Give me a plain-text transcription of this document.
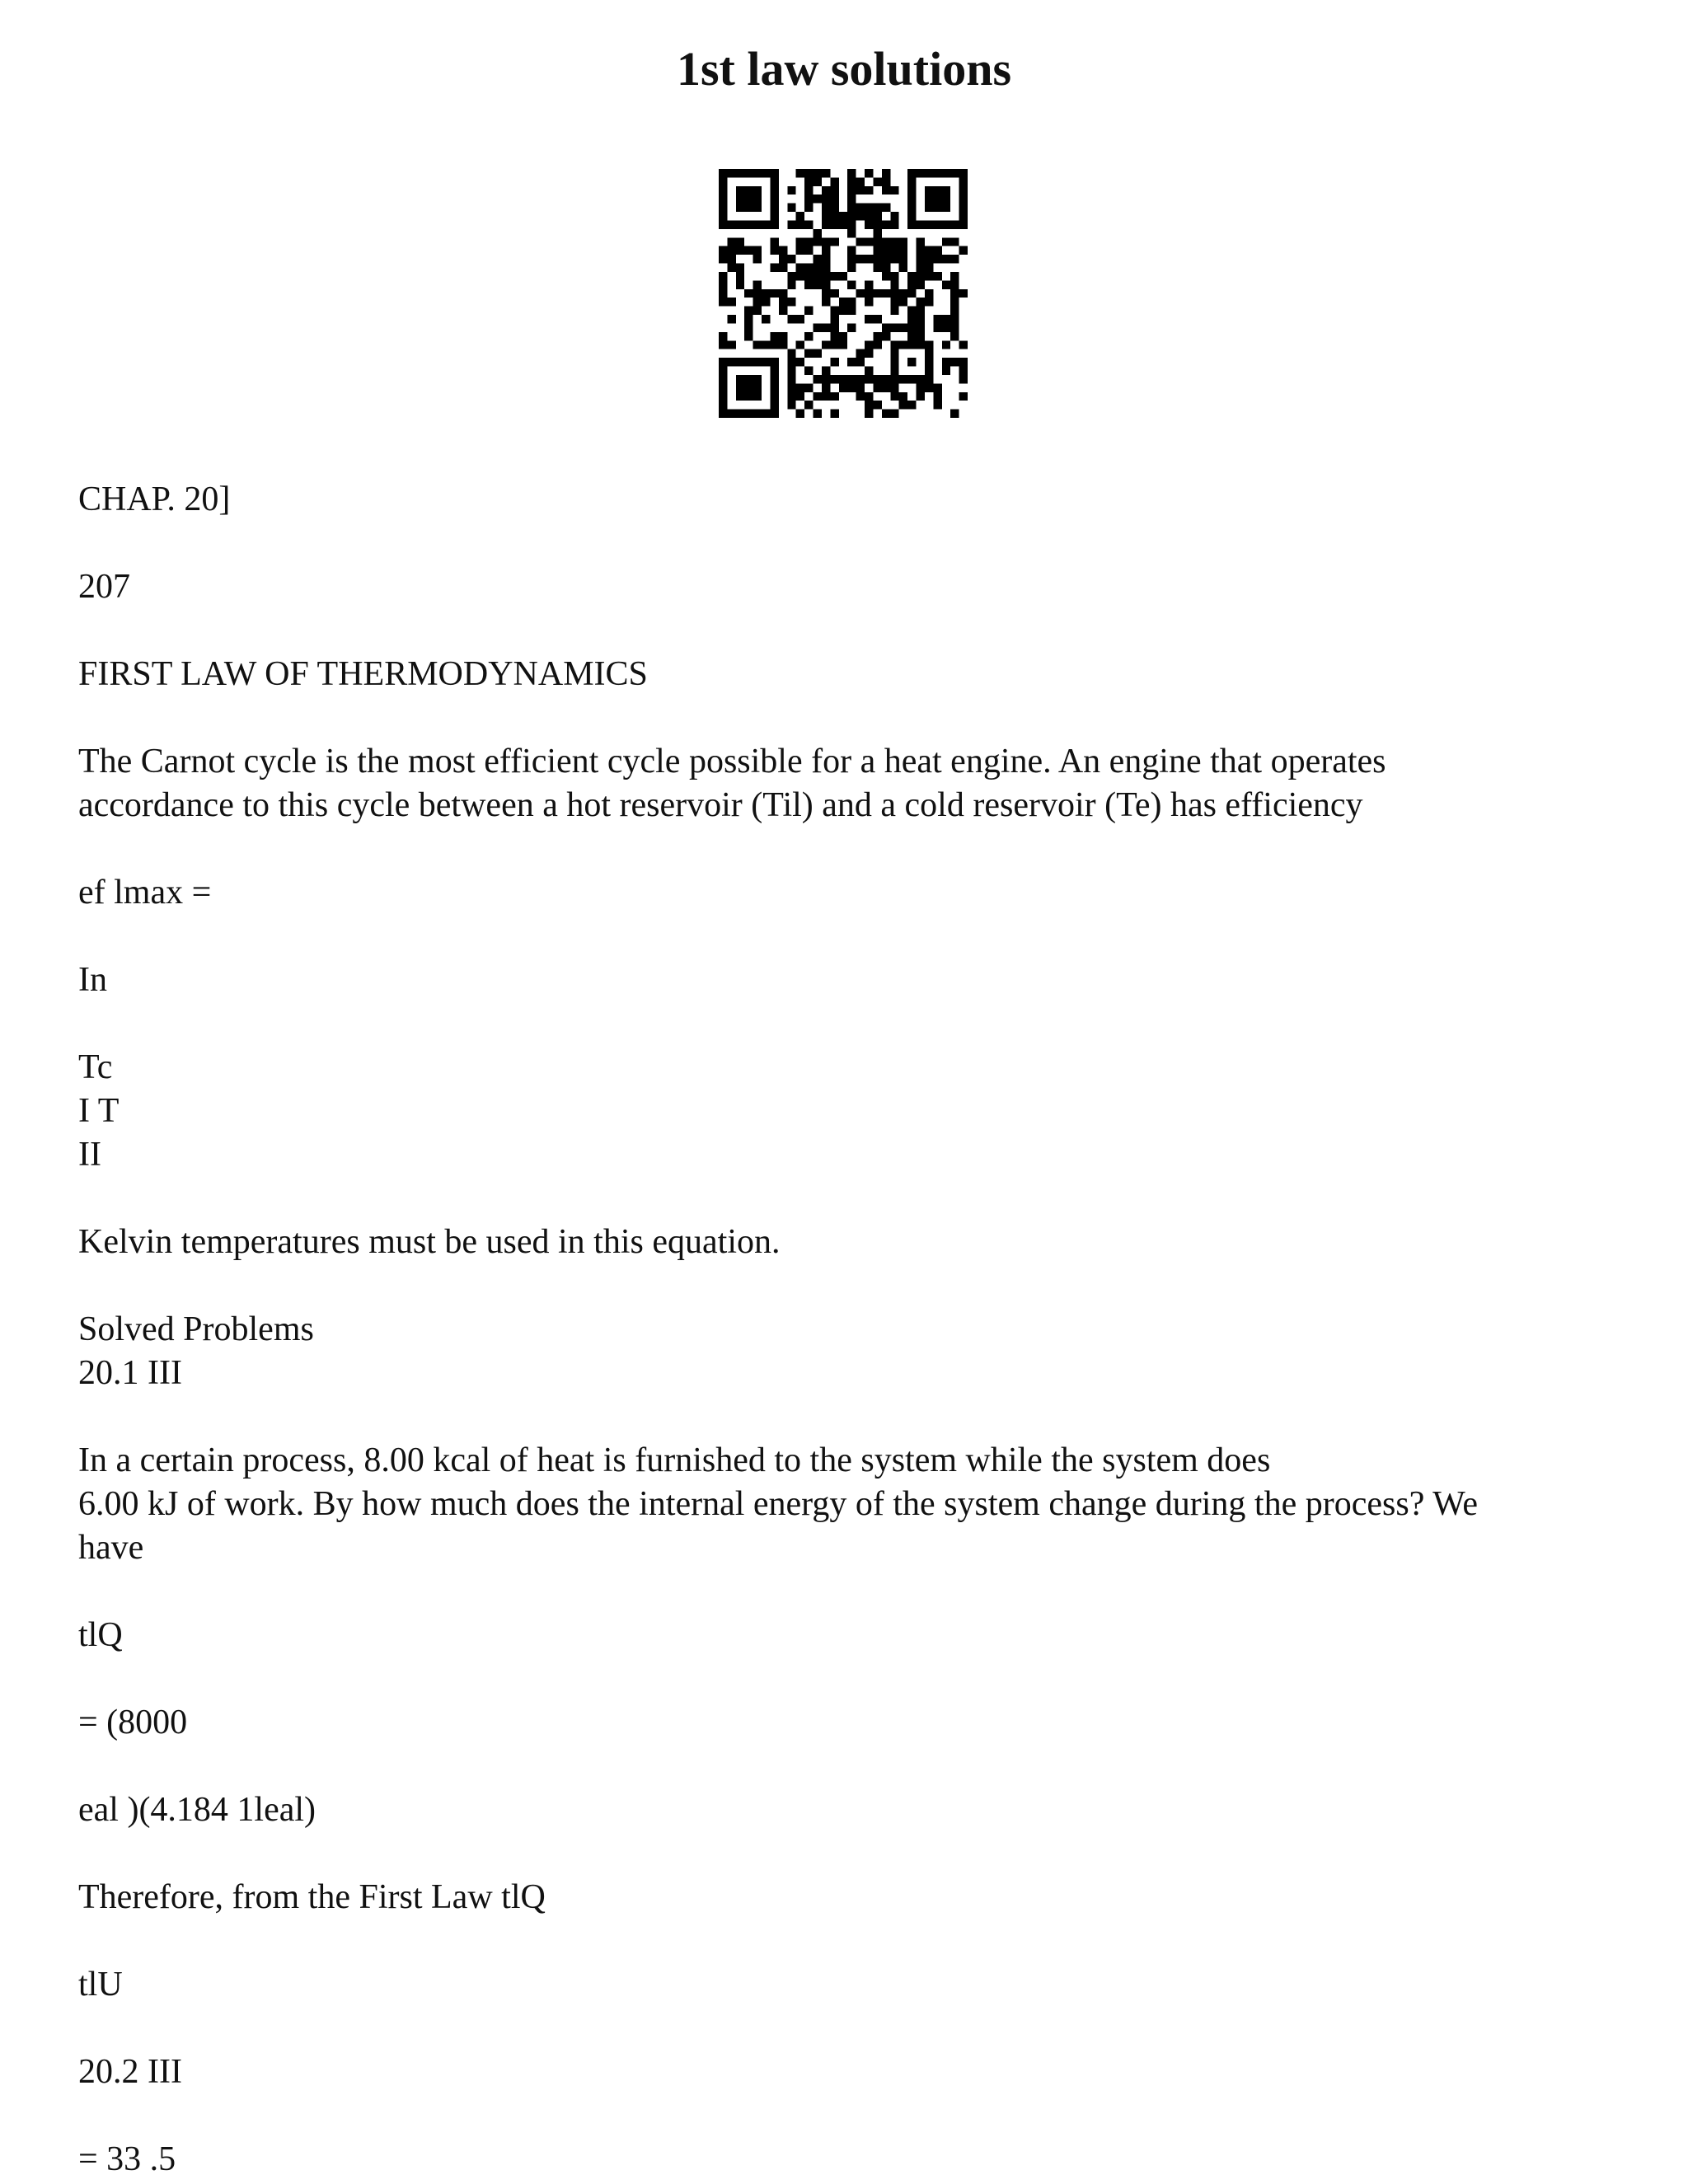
1st law solutions
CHAP. 20]
207
FIRST LAW OF THERMODYNAMICS
The Carnot cycle is the most efficient cycle possible for a heat engine. An engine that operates
accordance to this cycle between a hot reservoir (Til) and a cold reservoir (Te) has efficiency
ef lmax =
In
Tc
I T
II
Kelvin temperatures must be used in this equation.
Solved Problems
20.1 III
In a certain process, 8.00 kcal of heat is furnished to the system while the system does
6.00 kJ of work. By how much does the internal energy of the system change during the process? We
have
tlQ
= (8000
eal )(4.184 1leal)
Therefore, from the First Law tlQ
tlU
20.2 III
= 33 .5
